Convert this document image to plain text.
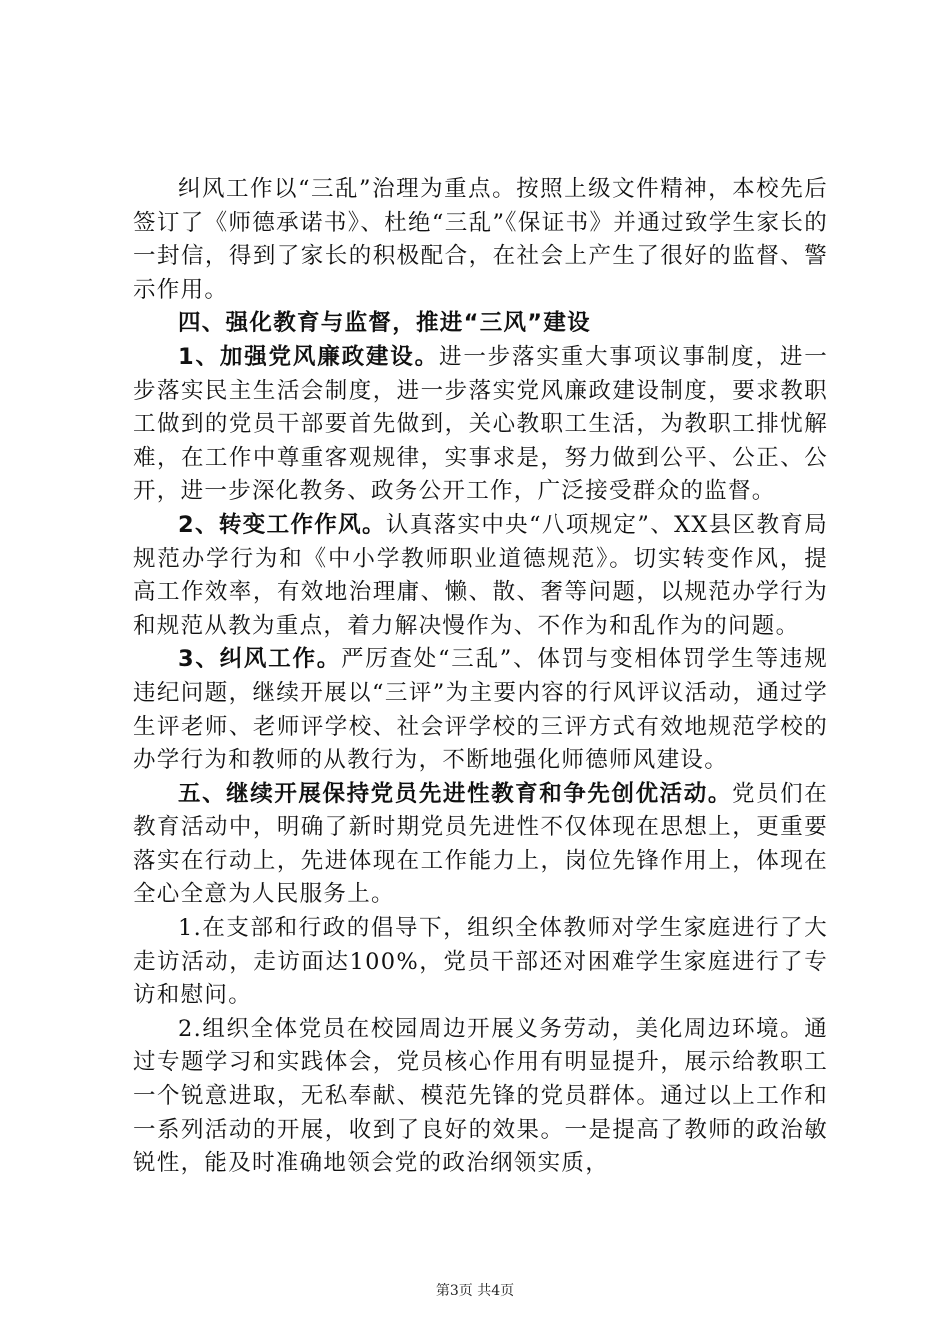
纠风工作以“三乱”治理为重点。按照上级文件精神，本校先后签订了《师德承诺书》、杜绝“三乱”《保证书》并通过致学生家长的一封信，得到了家长的积极配合，在社会上产生了很好的监督、警示作用。

四、强化教育与监督，推进“三风”建设

1、加强党风廉政建设。进一步落实重大事项议事制度，进一步落实民主生活会制度，进一步落实党风廉政建设制度，要求教职工做到的党员干部要首先做到，关心教职工生活，为教职工排忧解难，在工作中尊重客观规律，实事求是，努力做到公平、公正、公开，进一步深化教务、政务公开工作，广泛接受群众的监督。

2、转变工作作风。认真落实中央“八项规定”、XX县区教育局规范办学行为和《中小学教师职业道德规范》。切实转变作风，提高工作效率，有效地治理庸、懒、散、奢等问题，以规范办学行为和规范从教为重点，着力解决慢作为、不作为和乱作为的问题。

3、纠风工作。严厉查处“三乱”、体罚与变相体罚学生等违规违纪问题，继续开展以“三评”为主要内容的行风评议活动，通过学生评老师、老师评学校、社会评学校的三评方式有效地规范学校的办学行为和教师的从教行为，不断地强化师德师风建设。

五、继续开展保持党员先进性教育和争先创优活动。党员们在教育活动中，明确了新时期党员先进性不仅体现在思想上，更重要落实在行动上，先进体现在工作能力上，岗位先锋作用上，体现在全心全意为人民服务上。

1.在支部和行政的倡导下，组织全体教师对学生家庭进行了大走访活动，走访面达100%，党员干部还对困难学生家庭进行了专访和慰问。

2.组织全体党员在校园周边开展义务劳动，美化周边环境。通过专题学习和实践体会，党员核心作用有明显提升，展示给教职工一个锐意进取，无私奉献、模范先锋的党员群体。通过以上工作和一系列活动的开展，收到了良好的效果。一是提高了教师的政治敏锐性，能及时准确地领会党的政治纲领实质，

第3页 共4页
